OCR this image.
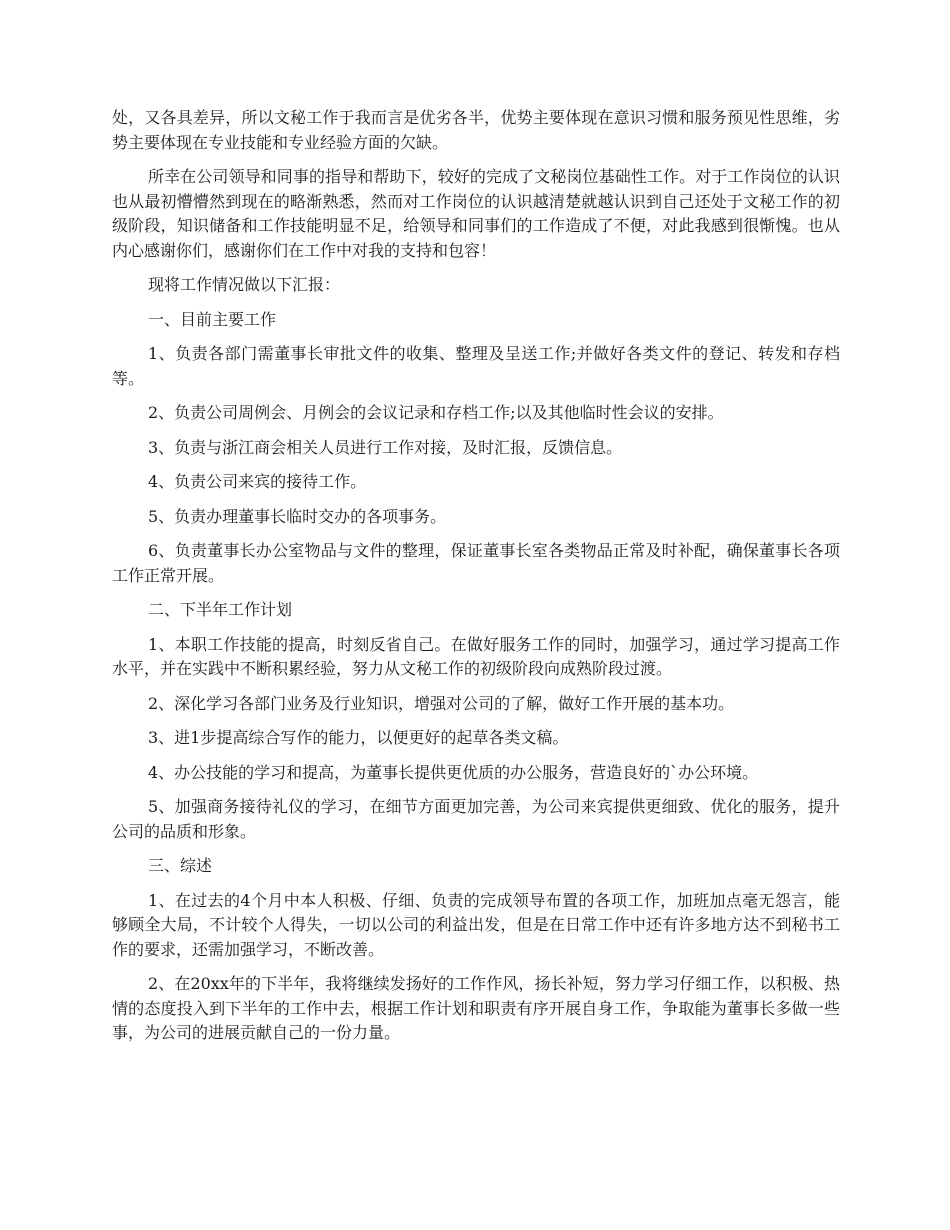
处，又各具差异，所以文秘工作于我而言是优劣各半，优势主要体现在意识习惯和服务预见性思维，劣势主要体现在专业技能和专业经验方面的欠缺。

所幸在公司领导和同事的指导和帮助下，较好的完成了文秘岗位基础性工作。对于工作岗位的认识也从最初懵懵然到现在的略渐熟悉，然而对工作岗位的认识越清楚就越认识到自己还处于文秘工作的初级阶段，知识储备和工作技能明显不足，给领导和同事们的工作造成了不便，对此我感到很惭愧。也从内心感谢你们，感谢你们在工作中对我的支持和包容！

现将工作情况做以下汇报：

一、目前主要工作

1、负责各部门需董事长审批文件的收集、整理及呈送工作;并做好各类文件的登记、转发和存档等。

2、负责公司周例会、月例会的会议记录和存档工作;以及其他临时性会议的安排。

3、负责与浙江商会相关人员进行工作对接，及时汇报，反馈信息。

4、负责公司来宾的接待工作。

5、负责办理董事长临时交办的各项事务。

6、负责董事长办公室物品与文件的整理，保证董事长室各类物品正常及时补配，确保董事长各项工作正常开展。

二、下半年工作计划

1、本职工作技能的提高，时刻反省自己。在做好服务工作的同时，加强学习，通过学习提高工作水平，并在实践中不断积累经验，努力从文秘工作的初级阶段向成熟阶段过渡。

2、深化学习各部门业务及行业知识，增强对公司的了解，做好工作开展的基本功。

3、进1步提高综合写作的能力，以便更好的起草各类文稿。

4、办公技能的学习和提高，为董事长提供更优质的办公服务，营造良好的`办公环境。

5、加强商务接待礼仪的学习，在细节方面更加完善，为公司来宾提供更细致、优化的服务，提升公司的品质和形象。

三、综述

1、在过去的4个月中本人积极、仔细、负责的完成领导布置的各项工作，加班加点毫无怨言，能够顾全大局，不计较个人得失，一切以公司的利益出发，但是在日常工作中还有许多地方达不到秘书工作的要求，还需加强学习，不断改善。

2、在20xx年的下半年，我将继续发扬好的工作作风，扬长补短，努力学习仔细工作，以积极、热情的态度投入到下半年的工作中去，根据工作计划和职责有序开展自身工作，争取能为董事长多做一些事，为公司的进展贡献自己的一份力量。
